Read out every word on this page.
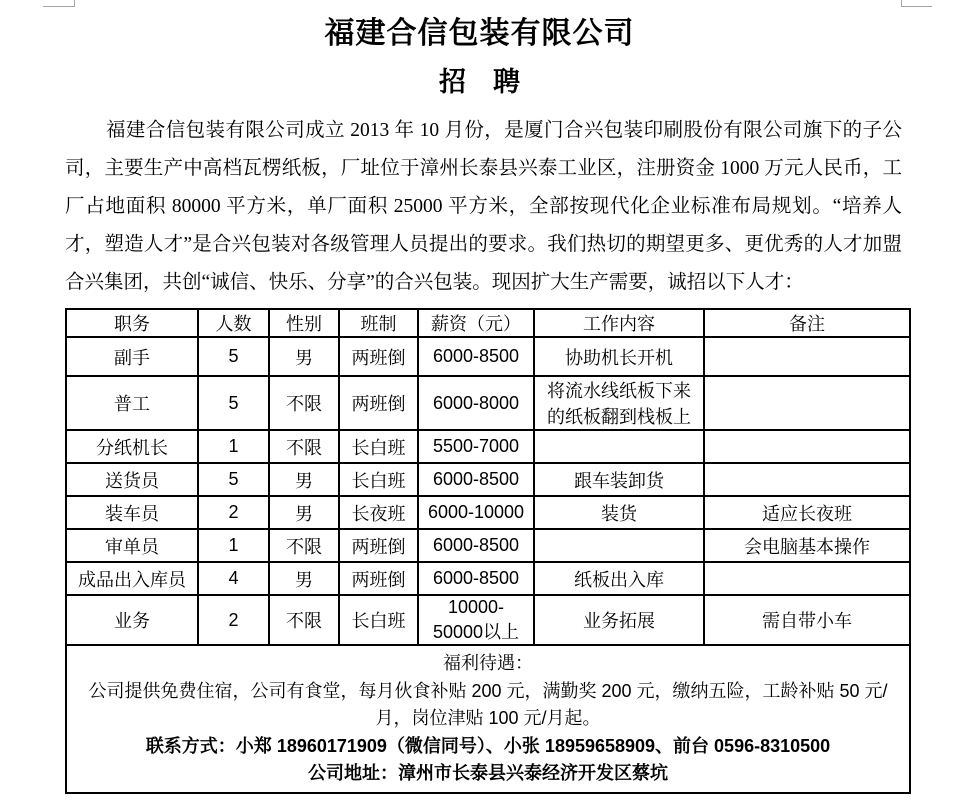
福建合信包装有限公司
招　聘

福建合信包装有限公司成立 2013 年 10 月份，是厦门合兴包装印刷股份有限公司旗下的子公司，主要生产中高档瓦楞纸板，厂址位于漳州长泰县兴泰工业区，注册资金 1000 万元人民币，工厂占地面积 80000 平方米，单厂面积 25000 平方米，全部按现代化企业标准布局规划。“培养人才，塑造人才”是合兴包装对各级管理人员提出的要求。我们热切的期望更多、更优秀的人才加盟合兴集团，共创“诚信、快乐、分享”的合兴包装。现因扩大生产需要，诚招以下人才：

职务	人数	性别	班制	薪资（元）	工作内容	备注
副手	5	男	两班倒	6000-8500	协助机长开机	
普工	5	不限	两班倒	6000-8000	将流水线纸板下来的纸板翻到栈板上	
分纸机长	1	不限	长白班	5500-7000		
送货员	5	男	长白班	6000-8500	跟车装卸货	
装车员	2	男	长夜班	6000-10000	装货	适应长夜班
审单员	1	不限	两班倒	6000-8500		会电脑基本操作
成品出入库员	4	男	两班倒	6000-8500	纸板出入库	
业务	2	不限	长白班	10000-50000以上	业务拓展	需自带小车

福利待遇：
公司提供免费住宿，公司有食堂，每月伙食补贴 200 元，满勤奖 200 元，缴纳五险，工龄补贴 50 元/月，岗位津贴 100 元/月起。
联系方式：小郑 18960171909（微信同号）、小张 18959658909、前台 0596-8310500
公司地址：漳州市长泰县兴泰经济开发区蔡坑						
